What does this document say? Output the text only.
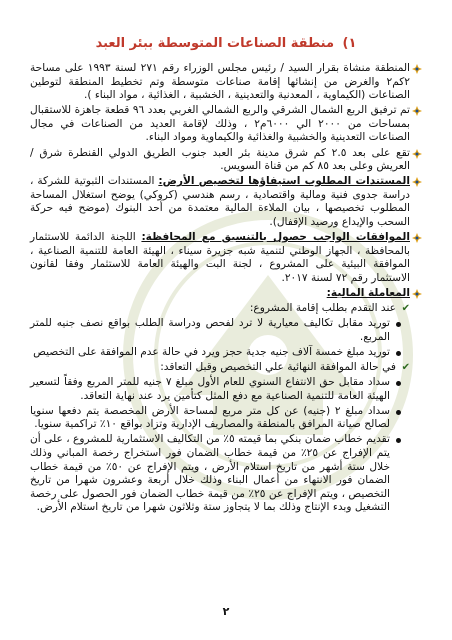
١) منطقة الصناعات المتوسطة ببئر العبد
المنطقة منشاة بقرار السيد / رئيس مجلس الوزراء رقم ٢٧١ لسنة ١٩٩٣ على مساحة ٢كم٢ والغرض من إنشائها إقامة صناعات متوسطة وتم تخطيط المنطقة لتوطين الصناعات (الكيماوية ، المعدنية والتعدينية ، الخشبية ، الغذائية ، مواد البناء ).
تم ترفيق الربع الشمال الشرقي والربع الشمالي الغربي بعدد ٩٦ قطعة جاهزة للاستقبال بمساحات من ٢٠٠٠ الي ٦٠٠٠م٢ ، وذلك لإقامة العديد من الصناعات في مجال الصناعات التعدينية والخشبية والغذائية والكيماوية ومواد البناء.
تقع على بعد ٢.٥ كم شرق مدينة بئر العبد جنوب الطريق الدولي القنطرة شرق / العريش وعلى بعد ٨٥ كم من قناة السويس.
المستندات المطلوب استيفاؤها لتخصيص الأرض: المستندات الثبوتية للشركة ، دراسة جدوى فنية ومالية واقتصادية ، رسم هندسي (كروكي) يوضح استغلال المساحة المطلوب تخصيصها ، بيان الملاءة المالية معتمدة من أحد البنوك (موضح فيه حركة السحب والإيداع ورصيد الإقفال).
الموافقات الواجب حصول بالتنسيق مع المحافظة: اللجنة الدائمة للاستثمار بالمحافظة ، الجهاز الوطني لتنمية شبه جزيرة سيناء ، الهيئة العامة للتنمية الصناعية ، الموافقة البيئية على المشروع ، لجنة البت والهيئة العامة للاستثمار وفقا لقانون الاستثمار رقم ٧٢ لسنة ٢٠١٧.
المعاملة المالية:
✔
عند التقدم بطلب إقامة المشروع:
توريد مقابل تكاليف معيارية لا ترد لفحص ودراسة الطلب بواقع نصف جنيه للمتر المربع.
توريد مبلغ خمسة آلاف جنيه جدية حجز ويرد في حالة عدم الموافقة على التخصيص
✔
في حالة الموافقة النهائية علي التخصيص وقبل التعاقد:
سداد مقابل حق الانتفاع السنوي للعام الأول مبلغ ٧ جنيه للمتر المربع وفقاً لتسعير الهيئة العامة للتنمية الصناعية مع دفع المثل كتأمين يرد عند نهاية التعاقد.
سداد مبلغ ٢ (جنيه) عن كل متر مربع لمساحة الأرض المخصصة يتم دفعها سنويا لصالح صيانة المرافق بالمنطقة والمصاريف الإدارية وتزاد بواقع ١٠٪ تراكمية سنويا.
تقديم خطاب ضمان بنكي بما قيمته ٥٪ من التكاليف الاستثمارية للمشروع ، على أن يتم الإفراج عن ٢٥٪ من قيمة خطاب الضمان فور استخراج رخصة المباني وذلك خلال ستة أشهر من تاريخ استلام الأرض ، ويتم الإفراج عن ٥٠٪ من قيمة خطاب الضمان فور الانتهاء من أعمال البناء وذلك خلال أربعة وعشرون شهرا من تاريخ التخصيص ، ويتم الإفراج عن ٢٥٪ من قيمة خطاب الضمان فور الحصول على رخصة التشغيل وبدء الإنتاج وذلك بما لا يتجاوز ستة وثلاثون شهرا من تاريخ استلام الأرض.
٢
